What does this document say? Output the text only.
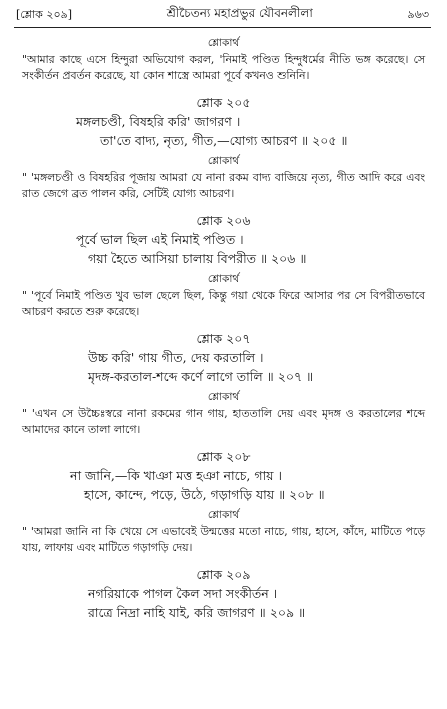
[শ্লোক ২০৯]	শ্রীচৈতন্য মহাপ্রভুর যৌবনলীলা	৯৬৩
শ্লোকার্থ

"আমার কাছে এসে হিন্দুরা অভিযোগ করল, 'নিমাই পণ্ডিত হিন্দুধর্মের নীতি ভঙ্গ করেছে। সে সংকীর্তন প্রবর্তন করেছে, যা কোন শাস্ত্রে আমরা পূর্বে কখনও শুনিনি।

শ্লোক ২০৫
মঙ্গলচণ্ডী, বিষহরি করি' জাগরণ ।
তা'তে বাদ্য, নৃত্য, গীত,—যোগ্য আচরণ ॥ ২০৫ ॥
শ্লোকার্থ

" 'মঙ্গলচণ্ডী ও বিষহরির পূজায় আমরা যে নানা রকম বাদ্য বাজিয়ে নৃত্য, গীত আদি করে এবং রাত জেগে ব্রত পালন করি, সেটিই যোগ্য আচরণ।

শ্লোক ২০৬
পূর্বে ভাল ছিল এই নিমাই পণ্ডিত ।
গয়া হৈতে আসিয়া চালায় বিপরীত ॥ ২০৬ ॥
শ্লোকার্থ

" 'পূর্বে নিমাই পণ্ডিত খুব ভাল ছেলে ছিল, কিন্তু গয়া থেকে ফিরে আসার পর সে বিপরীতভাবে আচরণ করতে শুরু করেছে।

শ্লোক ২০৭
উচ্চ করি' গায় গীত, দেয় করতালি ।
মৃদঙ্গ-করতাল-শব্দে কর্ণে লাগে তালি ॥ ২০৭ ॥
শ্লোকার্থ

" 'এখন সে উচ্চৈঃস্বরে নানা রকমের গান গায়, হাততালি দেয় এবং মৃদঙ্গ ও করতালের শব্দে আমাদের কানে তালা লাগে।

শ্লোক ২০৮
না জানি,—কি খাঞা মত্ত হঞা নাচে, গায় ।
হাসে, কান্দে, পড়ে, উঠে, গড়াগড়ি যায় ॥ ২০৮ ॥
শ্লোকার্থ

" 'আমরা জানি না কি খেয়ে সে এভাবেই উন্মত্তের মতো নাচে, গায়, হাসে, কাঁদে, মাটিতে পড়ে যায়, লাফায় এবং মাটিতে গড়াগড়ি দেয়।

শ্লোক ২০৯
নগরিয়াকে পাগল কৈল সদা সংকীর্তন ।
রাত্রে নিদ্রা নাহি যাই, করি জাগরণ ॥ ২০৯ ॥
